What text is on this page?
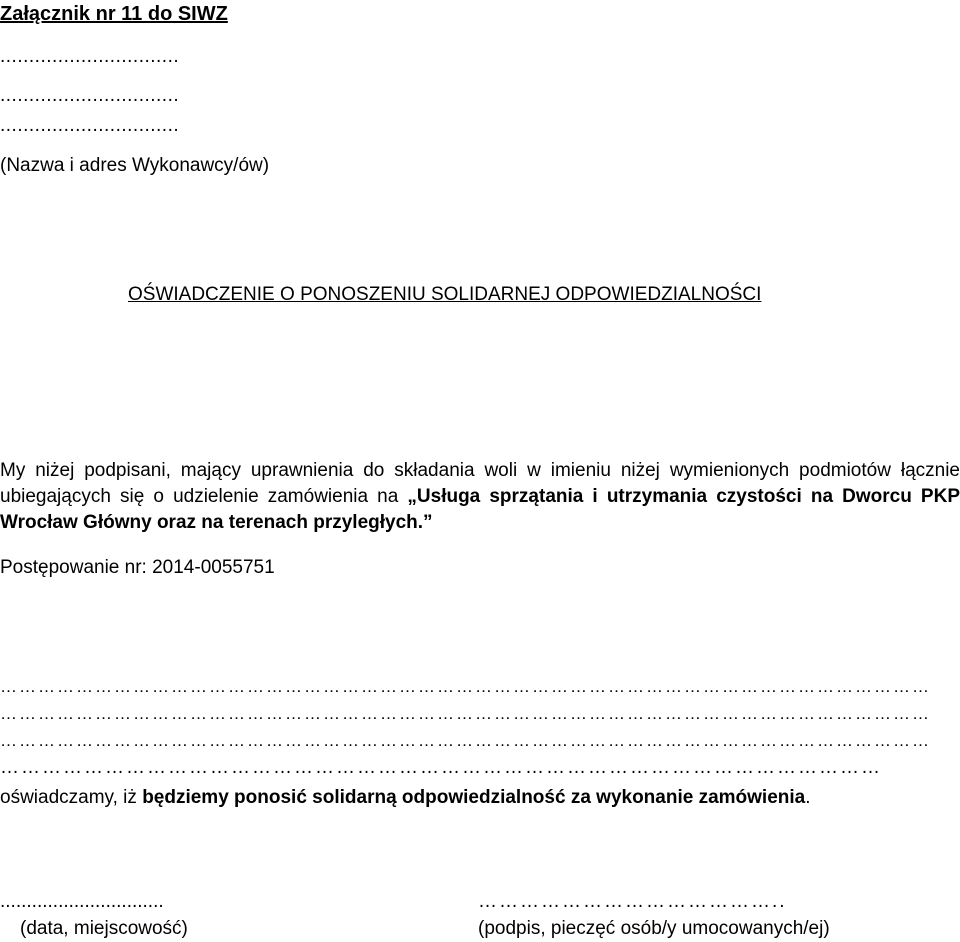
Załącznik nr 11 do SIWZ
...............................
...............................
...............................
(Nazwa i adres Wykonawcy/ów)
OŚWIADCZENIE O PONOSZENIU SOLIDARNEJ ODPOWIEDZIALNOŚCI
My niżej podpisani, mający uprawnienia do składania woli w imieniu niżej wymienionych podmiotów łącznie ubiegających się o udzielenie zamówienia na „Usługa sprzątania i utrzymania czystości na Dworcu PKP Wrocław Główny oraz na terenach przyległych.”
Postępowanie nr: 2014-0055751
…………………………………………………………………………………………………………………………………
…………………………………………………………………………………………………………………………………
…………………………………………………………………………………………………………………………………
………………………………………………………………………………………………………………
oświadczamy, iż będziemy ponosić solidarną odpowiedzialność za wykonanie zamówienia.
...............................
(data, miejscowość)
……………………………………..
(podpis, pieczęć osób/y umocowanych/ej)
